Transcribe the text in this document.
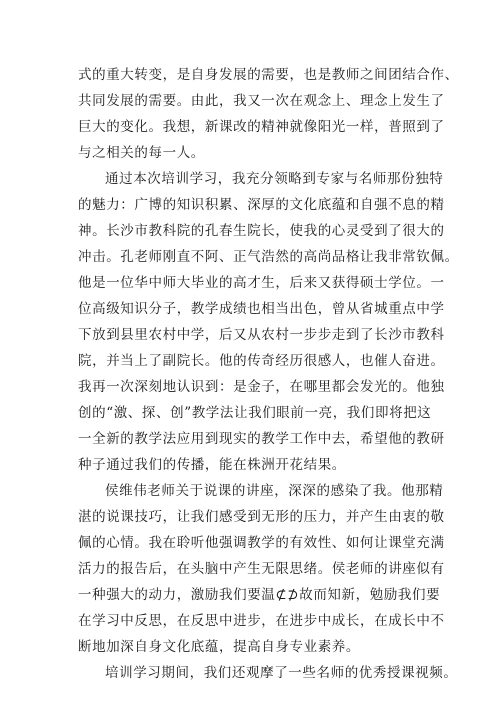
式的重大转变，是自身发展的需要，也是教师之间团结合作、
共同发展的需要。由此，我又一次在观念上、理念上发生了
巨大的变化。我想，新课改的精神就像阳光一样，普照到了
与之相关的每一人。
通过本次培训学习，我充分领略到专家与名师那份独特
的魅力：广博的知识积累、深厚的文化底蕴和自强不息的精
神。长沙市教科院的孔春生院长，使我的心灵受到了很大的
冲击。孔老师刚直不阿、正气浩然的高尚品格让我非常钦佩。
他是一位华中师大毕业的高才生，后来又获得硕士学位。一
位高级知识分子，教学成绩也相当出色，曾从省城重点中学
下放到县里农村中学，后又从农村一步步走到了长沙市教科
院，并当上了副院长。他的传奇经历很感人，也催人奋进。
我再一次深刻地认识到：是金子，在哪里都会发光的。他独
创的“激、探、创”教学法让我们眼前一亮，我们即将把这
一全新的教学法应用到现实的教学工作中去，希望他的教研
种子通过我们的传播，能在株洲开花结果。
侯维伟老师关于说课的讲座，深深的感染了我。他那精
湛的说课技巧，让我们感受到无形的压力，并产生由衷的敬
佩的心情。我在聆听他强调教学的有效性、如何让课堂充满
活力的报告后，在头脑中产生无限思绪。侯老师的讲座似有
一种强大的动力，激励我们要温⊄⊅故而知新，勉励我们要
在学习中反思，在反思中进步，在进步中成长，在成长中不
断地加深自身文化底蕴，提高自身专业素养。
培训学习期间，我们还观摩了一些名师的优秀授课视频。
